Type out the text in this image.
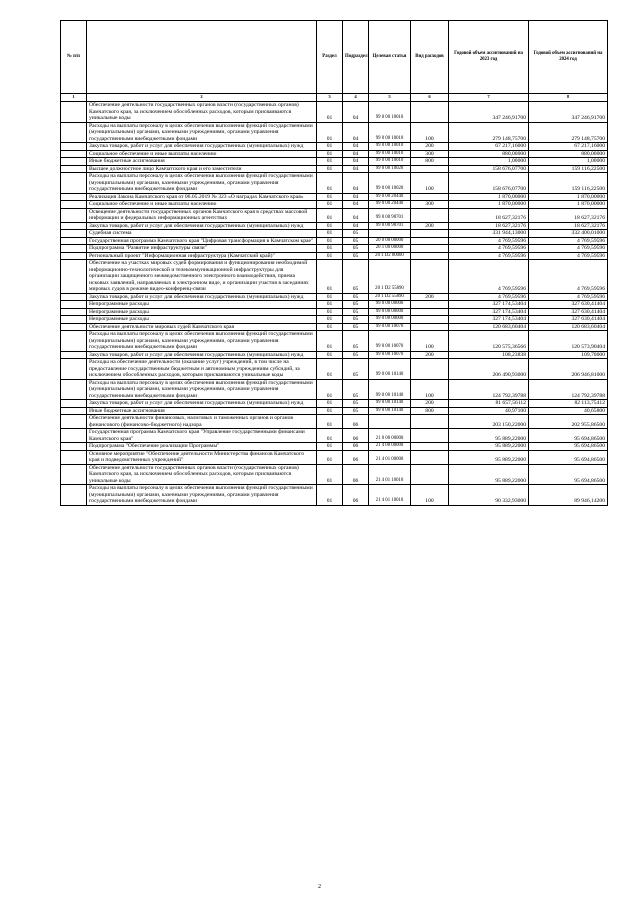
№ п/п		Раздел	Подраздел	Целевая статья	Вид расходов	Годовой объем ассигнований на 2023 год	Годовой объем ассигнований на 2024 год
1	2	3	4	5	6	7	8
	Обеспечение деятельности государственных органов власти (государственных органов) Камчатского края, за исключением обособленных расходов, которым присваиваются уникальные коды	01	04	99 0 00 10010		347 246,91700	347 246,91700
	Расходы на выплаты персоналу в целях обеспечения выполнения функций государственными (муниципальными) органами, казенными учреждениями, органами управления государственными внебюджетными фондами	01	04	99 0 00 10010	100	279 148,75700	279 148,75700
	Закупка товаров, работ и услуг для обеспечения государственных (муниципальных) нужд	01	04	99 0 00 10010	200	67 217,16000	67 217,16000
	Социальное обеспечение и иные выплаты населению	01	04	99 0 00 10010	300	880,00000	880,00000
	Иные бюджетные ассигнования	01	04	99 0 00 10010	800	1,00000	1,00000
	Высшее должностное лицо Камчатского края и его заместители	01	04	99 0 00 10020		158 676,07700	159 116,22500
	Расходы на выплаты персоналу в целях обеспечения выполнения функций государственными (муниципальными) органами, казенными учреждениями, органами управления государственными внебюджетными фондами	01	04	99 0 00 10020	100	158 676,07700	159 116,22500
	Реализация Закона Камчатского края от 06.05.2019 № 323 «О наградах Камчатского края»	01	04	99 0 00 20440		1 870,00000	1 870,00000
	Социальное обеспечение и иные выплаты населению	01	04	99 0 00 20440	300	1 870,00000	1 870,00000
	Освещение деятельности государственных органов Камчатского края в средствах массовой информации и федеральных информационных агентствах	01	04	99 0 00 98701		18 627,32176	18 627,32176
	Закупка товаров, работ и услуг для обеспечения государственных (муниципальных) нужд	01	04	99 0 00 98701	200	18 627,32176	18 627,32176
	Судебная система	01	05			331 944,13000	332 400,01000
	Государственная программа Камчатского края "Цифровая трансформация в Камчатском крае"	01	05	20 0 00 00000		4 769,59596	4 769,59596
	Подпрограмма "Развитие инфраструктуры связи"	01	05	20 1 00 00000		4 769,59596	4 769,59596
	Региональный проект "Информационная инфраструктура (Камчатский край)"	01	05	20 1 D2 00000		4 769,59596	4 769,59596
	Обеспечение на участках мировых судей формирования и функционирования необходимой информационно-технологической и телекоммуникационной инфраструктуры для организации защищенного межведомственного электронного взаимодействия, приема исковых заявлений, направляемых в электронном виде, и организации участия в заседаниях мировых судов в режиме видео-конференц-связи	01	05	20 1 D2 55890		4 769,59596	4 769,59596
	Закупка товаров, работ и услуг для обеспечения государственных (муниципальных) нужд	01	05	20 1 D2 55890	200	4 769,59596	4 769,59596
	Непрограммные расходы	01	05	99 0 00 00000		327 174,53404	327 630,41404
	Непрограммные расходы	01	05	99 0 00 00000		327 174,53404	327 630,41404
	Непрограммные расходы	01	05	99 0 00 00000		327 174,53404	327 630,41404
	Обеспечение деятельности мировых судей Камчатского края	01	05	99 0 00 10070		120 683,60404	120 683,60404
	Расходы на выплаты персоналу в целях обеспечения выполнения функций государственными (муниципальными) органами, казенными учреждениями, органами управления государственными внебюджетными фондами	01	05	99 0 00 10070	100	120 575,36566	120 573,90404
	Закупка товаров, работ и услуг для обеспечения государственных (муниципальных) нужд	01	05	99 0 00 10070	200	108,23838	109,70000
	Расходы на обеспечение деятельности (оказание услуг) учреждений, в том числе на предоставление государственным бюджетным и автономным учреждениям субсидий, за исключением обособленных расходов, которым присваиваются уникальные коды	01	05	99 0 00 10140		206 490,93000	206 946,81000
	Расходы на выплаты персоналу в целях обеспечения выполнения функций государственными (муниципальными) органами, казенными учреждениями, органами управления государственными внебюджетными фондами	01	05	99 0 00 10140	100	124 792,39788	124 792,39788
	Закупка товаров, работ и услуг для обеспечения государственных (муниципальных) нужд	01	05	99 0 00 10140	200	81 657,56112	82 113,75412
	Иные бюджетные ассигнования	01	05	99 0 00 10140	800	40,97100	40,65800
	Обеспечение деятельности финансовых, налоговых и таможенных органов и органов финансового (финансово-бюджетного) надзора	01	06			203 150,22000	202 955,86500
	Государственная программа Камчатского края "Управление государственными финансами Камчатского края"	01	06	21 0 00 00000		95 889,22000	95 694,86500
	Подпрограмма "Обеспечение реализации Программы"	01	06	21 4 00 00000		95 889,22000	95 694,86500
	Основное мероприятие "Обеспечение деятельности Министерства финансов Камчатского края и подведомственных учреждений"	01	06	21 4 01 00000		95 889,22000	95 694,86500
	Обеспечение деятельности государственных органов власти (государственных органов) Камчатского края, за исключением обособленных расходов, которым присваиваются уникальные коды	01	06	21 4 01 10010		95 889,22000	95 694,86500
	Расходы на выплаты персоналу в целях обеспечения выполнения функций государственными (муниципальными) органами, казенными учреждениями, органами управления государственными внебюджетными фондами	01	06	21 4 01 10010	100	90 332,93000	89 946,14200
2
